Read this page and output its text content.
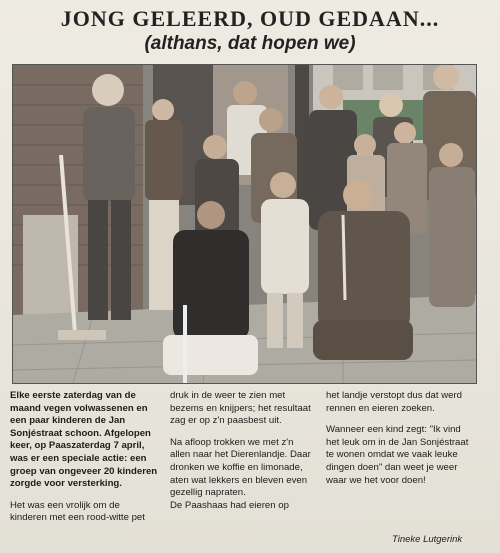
JONG GELEERD, OUD GEDAAN...
(althans, dat hopen we)

Elke eerste zaterdag van de maand vegen volwassenen en een paar kinderen de Jan Sonjéstraat schoon. Afgelopen keer, op Paaszaterdag 7 april, was er een speciale actie: een groep van ongeveer 20 kinderen zorgde voor versterking.

Het was een vrolijk om de kinderen met een rood-witte pet

druk in de weer te zien met bezems en knijpers; het resultaat zag er op z'n paasbest uit.

Na afloop trokken we met z'n allen naar het Dierenlandje. Daar dronken we koffie en limonade, aten wat lekkers en bleven even gezellig napraten.

De Paashaas had eieren op

het landje verstopt dus dat werd rennen en eieren zoeken.

Wanneer een kind zegt: "Ik vind het leuk om in de Jan Sonjéstraat te wonen omdat we vaak leuke dingen doen" dan weet je weer waar we het voor doen!

Tineke Lutgerink
